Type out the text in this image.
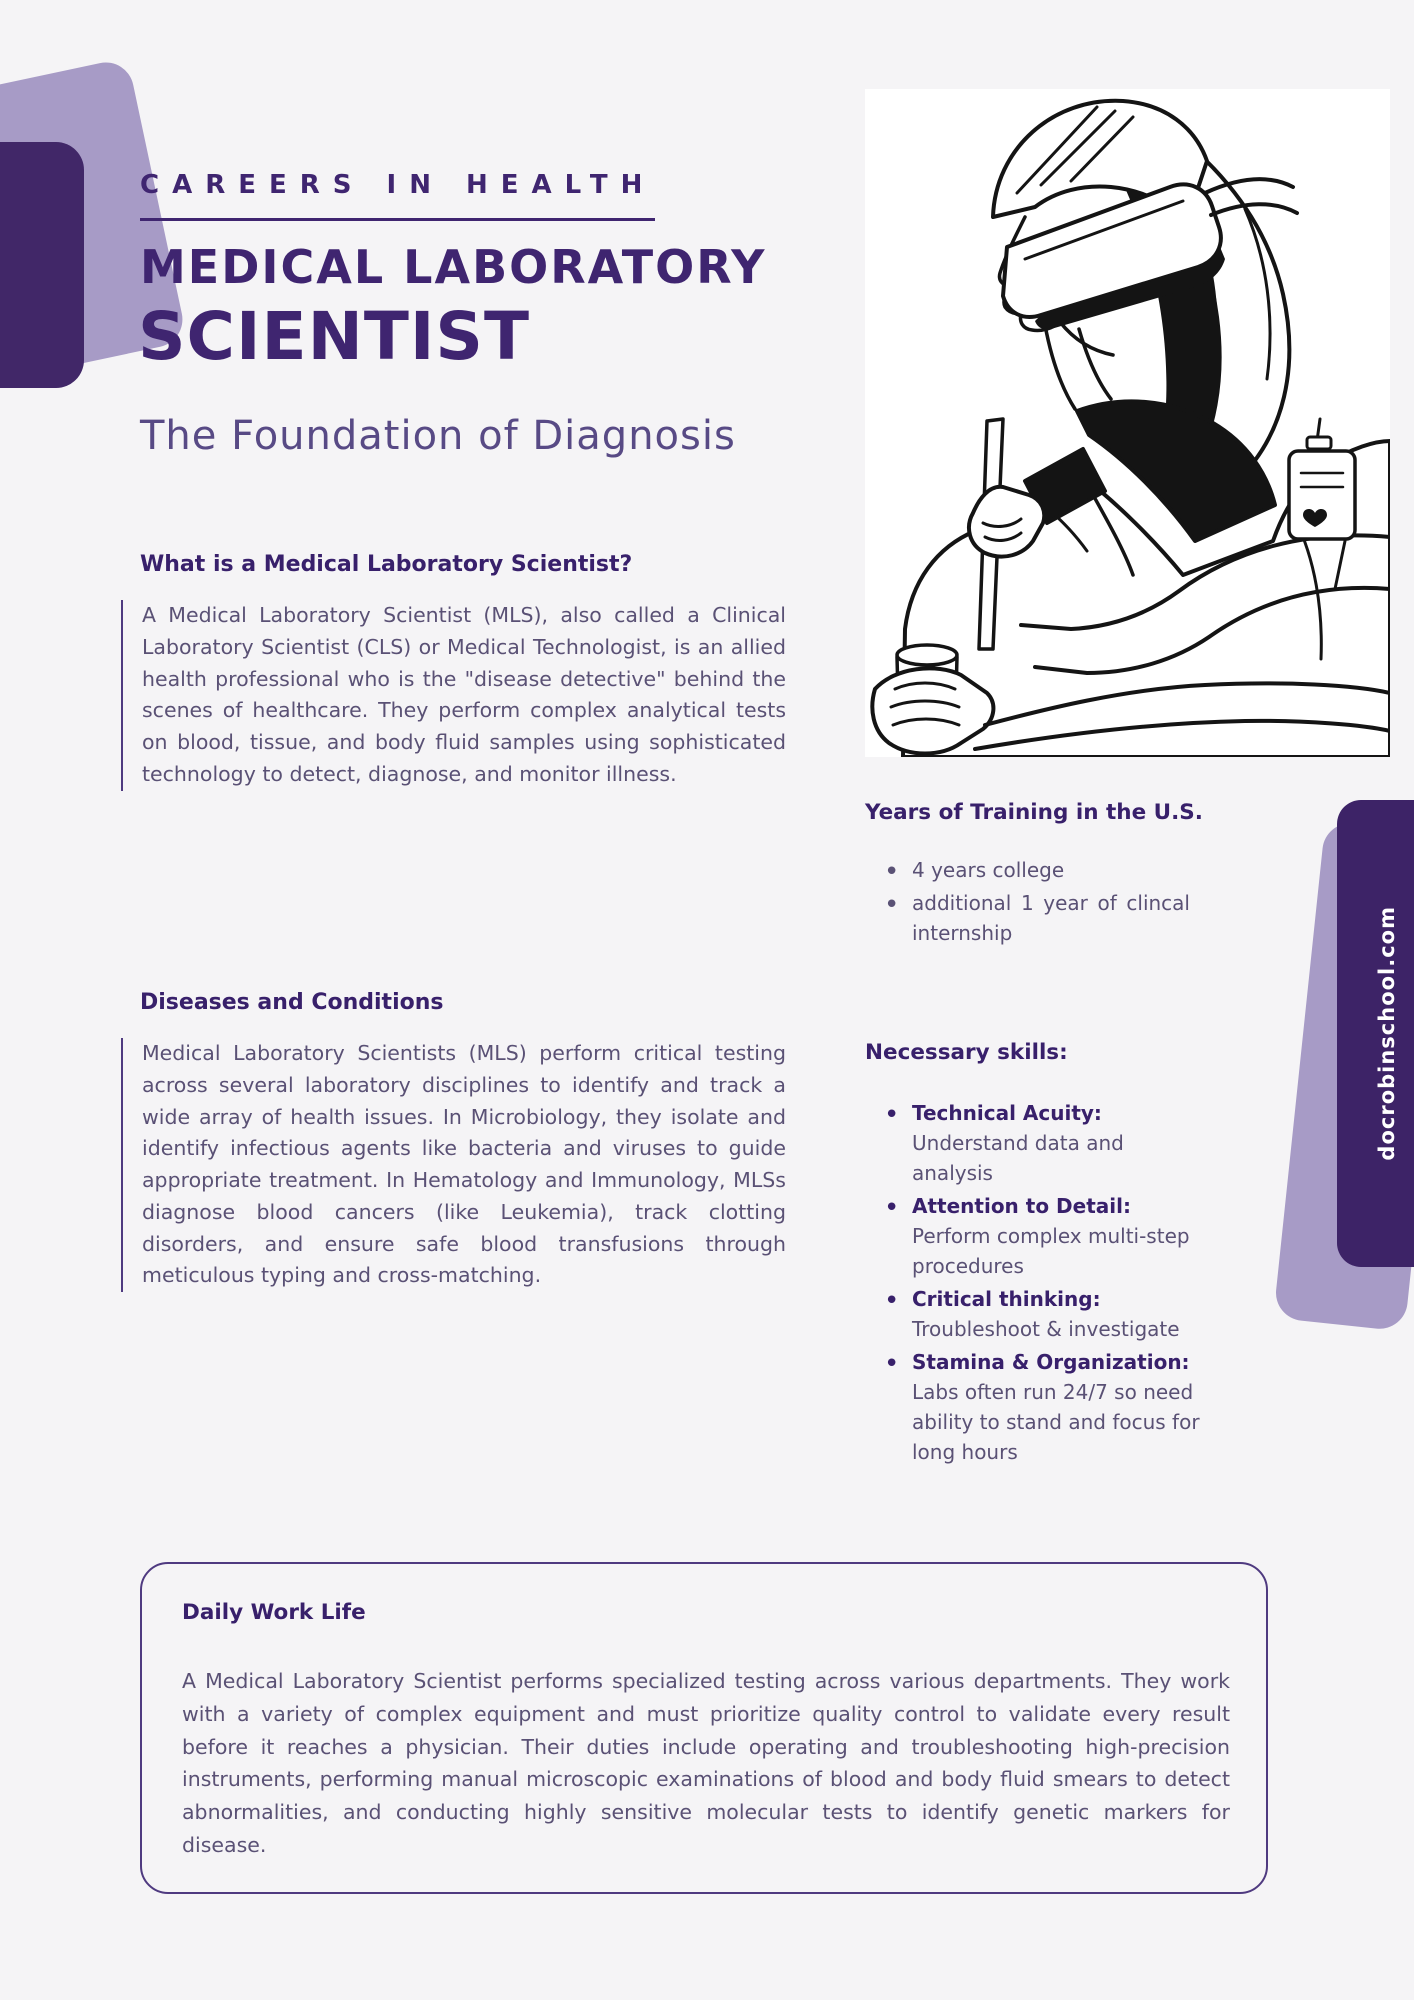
CAREERS IN HEALTH
MEDICAL LABORATORY
SCIENTIST
The Foundation of Diagnosis
What is a Medical Laboratory Scientist?
A Medical Laboratory Scientist (MLS), also called a Clinical Laboratory Scientist (CLS) or Medical Technologist, is an allied health professional who is the "disease detective" behind the scenes of healthcare. They perform complex analytical tests on blood, tissue, and body fluid samples using sophisticated technology to detect, diagnose, and monitor illness.
Diseases and Conditions
Medical Laboratory Scientists (MLS) perform critical testing across several laboratory disciplines to identify and track a wide array of health issues. In Microbiology, they isolate and identify infectious agents like bacteria and viruses to guide appropriate treatment. In Hematology and Immunology, MLSs diagnose blood cancers (like Leukemia), track clotting disorders, and ensure safe blood transfusions through meticulous typing and cross-matching.
Years of Training in the U.S.
• 4 years college
• additional 1 year of clincal internship
Necessary skills:
• Technical Acuity: Understand data and analysis
• Attention to Detail: Perform complex multi-step procedures
• Critical thinking: Troubleshoot & investigate
• Stamina & Organization: Labs often run 24/7 so need ability to stand and focus for long hours
docrobinschool.com

Daily Work Life

A Medical Laboratory Scientist performs specialized testing across various departments. They work with a variety of complex equipment and must prioritize quality control to validate every result before it reaches a physician. Their duties include operating and troubleshooting high-precision instruments, performing manual microscopic examinations of blood and body fluid smears to detect abnormalities, and conducting highly sensitive molecular tests to identify genetic markers for disease.
